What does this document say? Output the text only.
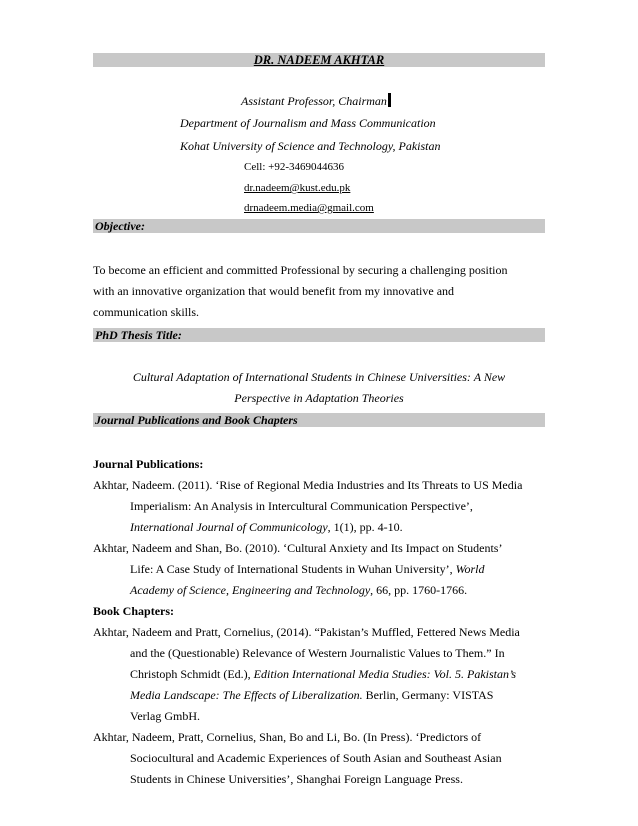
DR. NADEEM AKHTAR
Assistant Professor, Chairman
Department of Journalism and Mass Communication
Kohat University of Science and Technology, Pakistan
Cell: +92-3469044636
dr.nadeem@kust.edu.pk
drnadeem.media@gmail.com
Objective:
To become an efficient and committed Professional by securing a challenging position
with an innovative organization that would benefit from my innovative and
communication skills.
PhD Thesis Title:
Cultural Adaptation of International Students in Chinese Universities: A New
Perspective in Adaptation Theories
Journal Publications and Book Chapters
Journal Publications:
Akhtar, Nadeem. (2011). ‘Rise of Regional Media Industries and Its Threats to US Media
Imperialism: An Analysis in Intercultural Communication Perspective’,
International Journal of Communicology, 1(1), pp. 4-10.
Akhtar, Nadeem and Shan, Bo. (2010). ‘Cultural Anxiety and Its Impact on Students’
Life: A Case Study of International Students in Wuhan University’, World
Academy of Science, Engineering and Technology, 66, pp. 1760-1766.
Book Chapters:
Akhtar, Nadeem and Pratt, Cornelius, (2014). “Pakistan’s Muffled, Fettered News Media
and the (Questionable) Relevance of Western Journalistic Values to Them.” In
Christoph Schmidt (Ed.), Edition International Media Studies: Vol. 5. Pakistan’s
Media Landscape: The Effects of Liberalization. Berlin, Germany: VISTAS
Verlag GmbH.
Akhtar, Nadeem, Pratt, Cornelius, Shan, Bo and Li, Bo. (In Press). ‘Predictors of
Sociocultural and Academic Experiences of South Asian and Southeast Asian
Students in Chinese Universities’, Shanghai Foreign Language Press.
